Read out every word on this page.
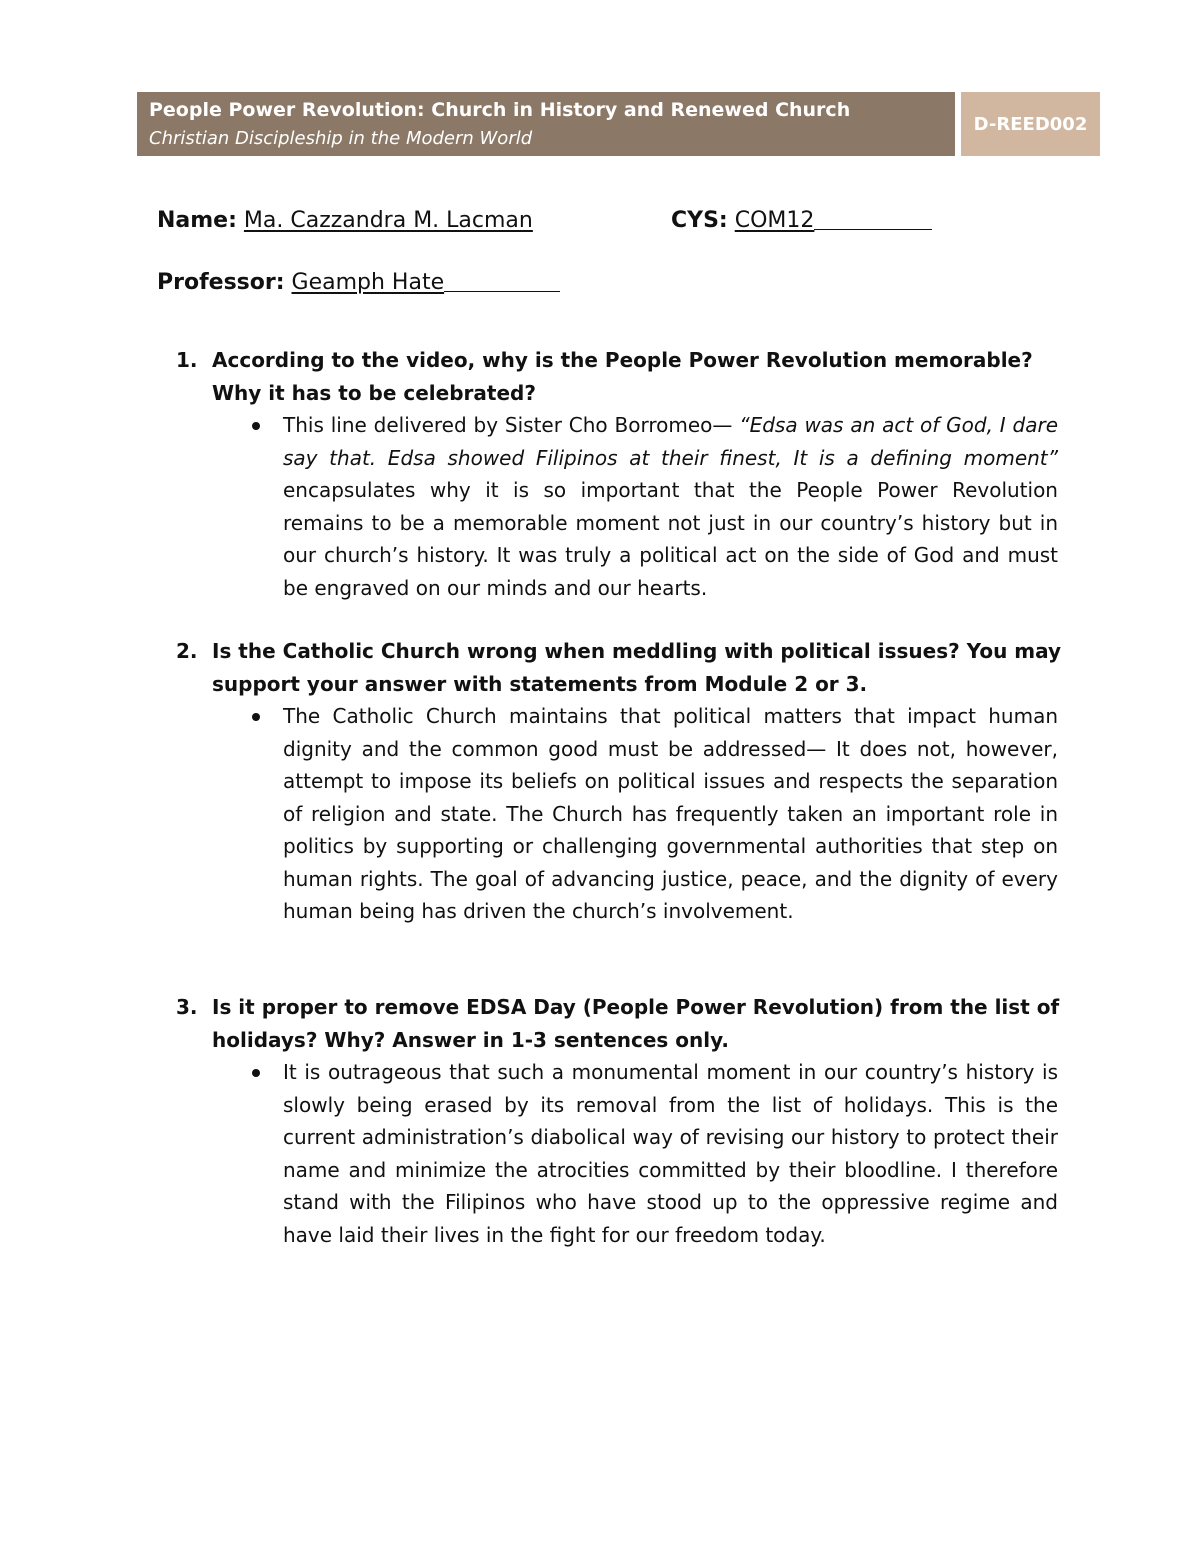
People Power Revolution: Church in History and Renewed Church
Christian Discipleship in the Modern World
D-REED002
Name: Ma. Cazzandra M. Lacman	CYS: COM12
Professor: Geamph Hate
1. According to the video, why is the People Power Revolution memorable? Why it has to be celebrated?
This line delivered by Sister Cho Borromeo— “Edsa was an act of God, I dare say that. Edsa showed Filipinos at their finest, It is a defining moment” encapsulates why it is so important that the People Power Revolution remains to be a memorable moment not just in our country’s history but in our church’s history. It was truly a political act on the side of God and must be engraved on our minds and our hearts.
2. Is the Catholic Church wrong when meddling with political issues? You may support your answer with statements from Module 2 or 3.
The Catholic Church maintains that political matters that impact human dignity and the common good must be addressed— It does not, however, attempt to impose its beliefs on political issues and respects the separation of religion and state. The Church has frequently taken an important role in politics by supporting or challenging governmental authorities that step on human rights. The goal of advancing justice, peace, and the dignity of every human being has driven the church’s involvement.
3. Is it proper to remove EDSA Day (People Power Revolution) from the list of holidays? Why? Answer in 1-3 sentences only.
It is outrageous that such a monumental moment in our country’s history is slowly being erased by its removal from the list of holidays. This is the current administration’s diabolical way of revising our history to protect their name and minimize the atrocities committed by their bloodline. I therefore stand with the Filipinos who have stood up to the oppressive regime and have laid their lives in the fight for our freedom today.
